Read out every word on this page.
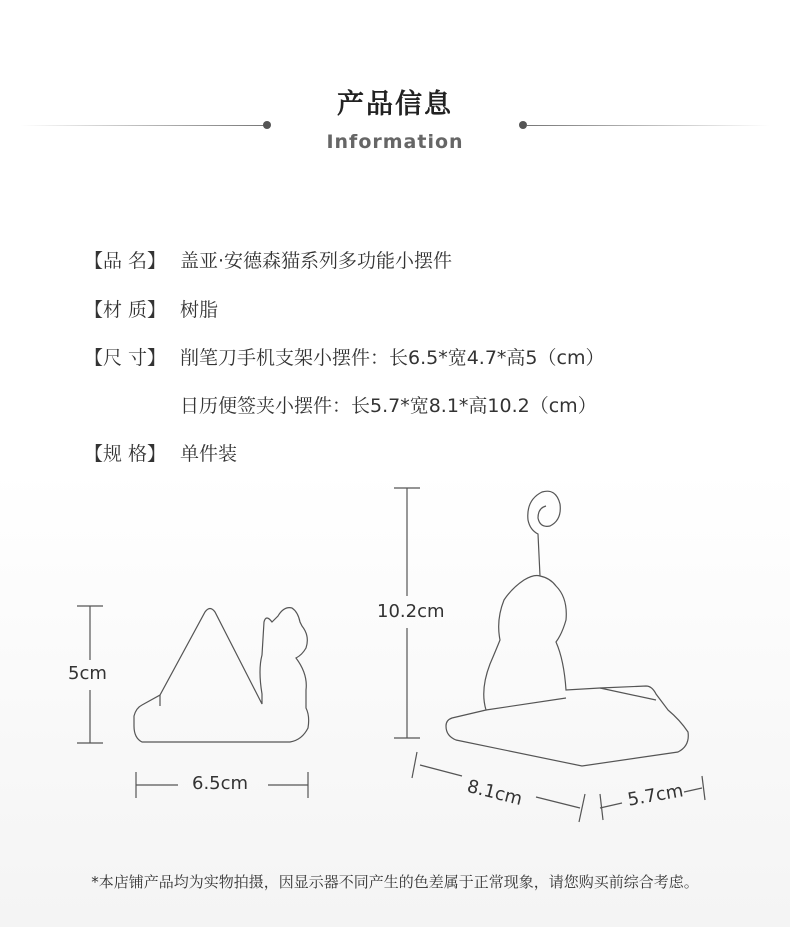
产品信息
Information
【品 名】 盖亚·安德森猫系列多功能小摆件
【材 质】 树脂
【尺 寸】 削笔刀手机支架小摆件：长6.5*宽4.7*高5（cm）
日历便签夹小摆件：长5.7*宽8.1*高10.2（cm）
【规 格】 单件装
5cm
6.5cm
10.2cm
8.1cm	5.7cm
*本店铺产品均为实物拍摄，因显示器不同产生的色差属于正常现象，请您购买前综合考虑。
